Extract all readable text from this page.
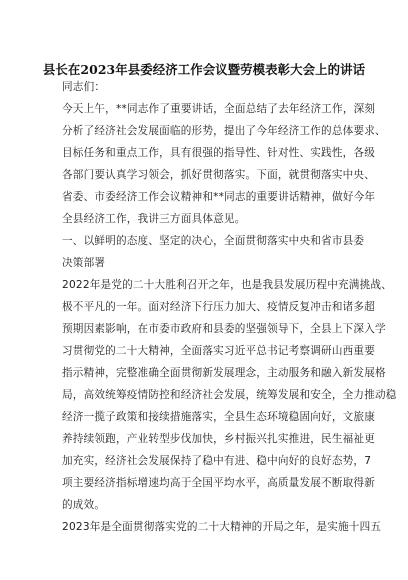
县长在2023年县委经济工作会议暨劳模表彰大会上的讲话
同志们：
今天上午，**同志作了重要讲话，全面总结了去年经济工作，深刻
分析了经济社会发展面临的形势，提出了今年经济工作的总体要求、
目标任务和重点工作，具有很强的指导性、针对性、实践性，各级
各部门要认真学习领会，抓好贯彻落实。下面，就贯彻落实中央、
省委、市委经济工作会议精神和**同志的重要讲话精神，做好今年
全县经济工作，我讲三方面具体意见。
一、以鲜明的态度、坚定的决心，全面贯彻落实中央和省市县委
决策部署
2022年是党的二十大胜利召开之年，也是我县发展历程中充满挑战、
极不平凡的一年。面对经济下行压力加大、疫情反复冲击和诸多超
预期因素影响，在市委市政府和县委的坚强领导下，全县上下深入学
习贯彻党的二十大精神，全面落实习近平总书记考察调研山西重要
指示精神，完整准确全面贯彻新发展理念，主动服务和融入新发展格
局，高效统筹疫情防控和经济社会发展，统筹发展和安全，全力推动稳
经济一揽子政策和接续措施落实，全县生态环境稳固向好，文旅康
养持续领跑，产业转型步伐加快，乡村振兴扎实推进，民生福祉更
加充实，经济社会发展保持了稳中有进、稳中向好的良好态势，7
项主要经济指标增速均高于全国平均水平，高质量发展不断取得新
的成效。
2023年是全面贯彻落实党的二十大精神的开局之年，是实施十四五
